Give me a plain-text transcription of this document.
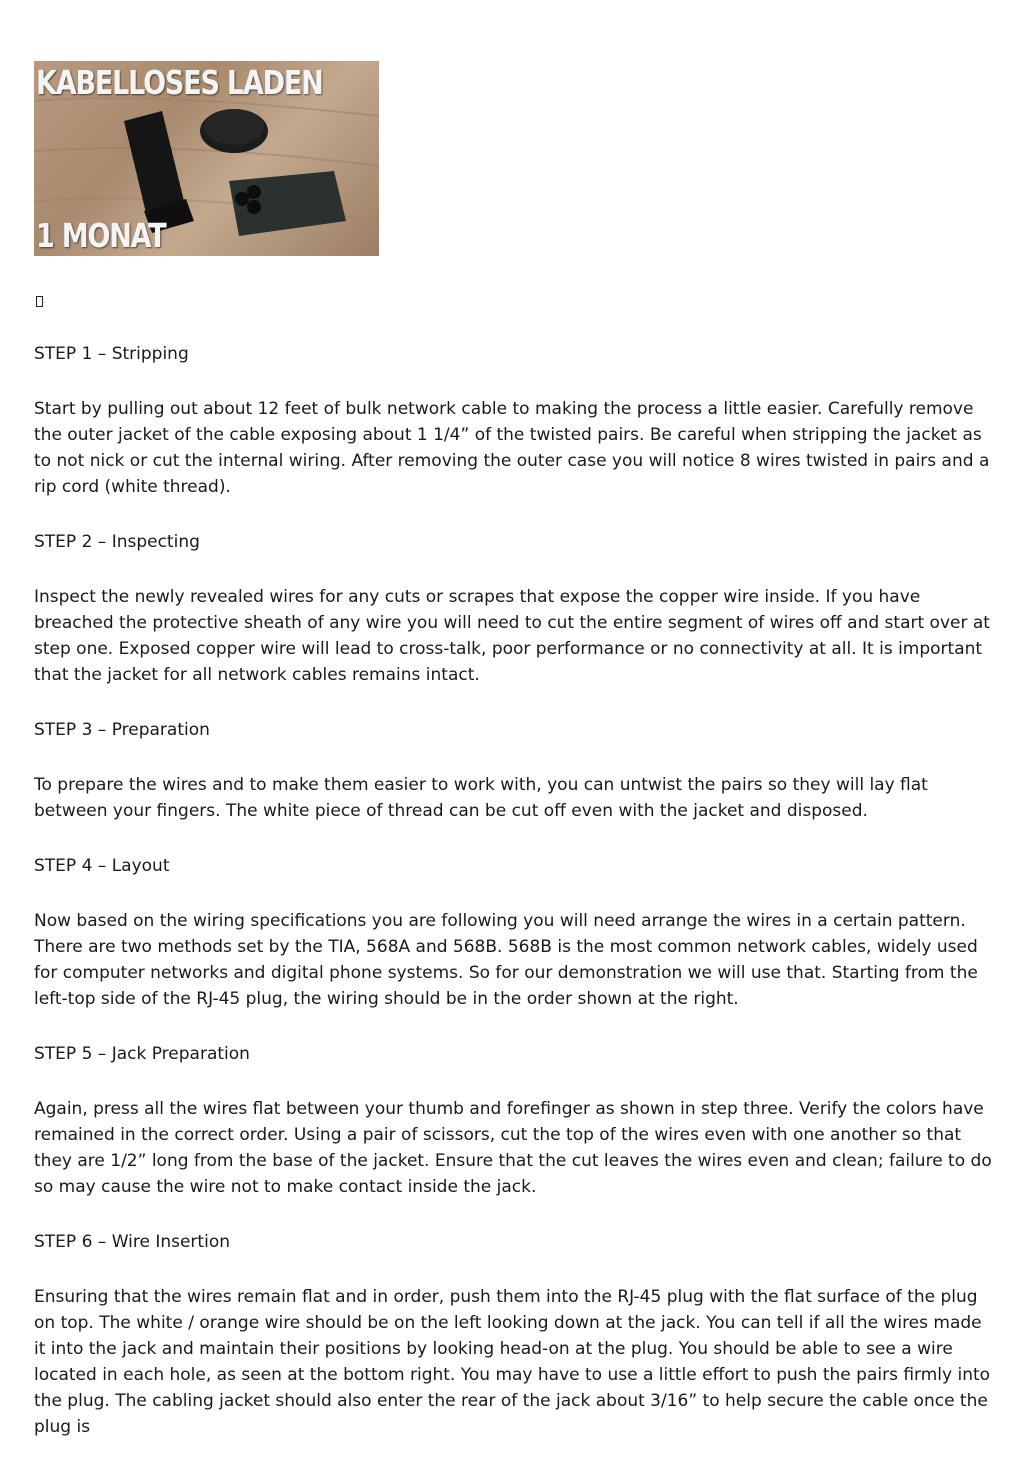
KABELLOSES LADEN
1 MONAT

STEP 1 – Stripping

Start by pulling out about 12 feet of bulk network cable to making the process a little easier. Carefully remove the outer jacket of the cable exposing about 1 1/4” of the twisted pairs. Be careful when stripping the jacket as to not nick or cut the internal wiring. After removing the outer case you will notice 8 wires twisted in pairs and a rip cord (white thread).

STEP 2 – Inspecting

Inspect the newly revealed wires for any cuts or scrapes that expose the copper wire inside. If you have breached the protective sheath of any wire you will need to cut the entire segment of wires off and start over at step one. Exposed copper wire will lead to cross-talk, poor performance or no connectivity at all. It is important that the jacket for all network cables remains intact.

STEP 3 – Preparation

To prepare the wires and to make them easier to work with, you can untwist the pairs so they will lay flat between your fingers. The white piece of thread can be cut off even with the jacket and disposed.

STEP 4 – Layout

Now based on the wiring specifications you are following you will need arrange the wires in a certain pattern. There are two methods set by the TIA, 568A and 568B. 568B is the most common network cables, widely used for computer networks and digital phone systems. So for our demonstration we will use that. Starting from the left-top side of the RJ-45 plug, the wiring should be in the order shown at the right.

STEP 5 – Jack Preparation

Again, press all the wires flat between your thumb and forefinger as shown in step three. Verify the colors have remained in the correct order. Using a pair of scissors, cut the top of the wires even with one another so that they are 1/2” long from the base of the jacket. Ensure that the cut leaves the wires even and clean; failure to do so may cause the wire not to make contact inside the jack.

STEP 6 – Wire Insertion

Ensuring that the wires remain flat and in order, push them into the RJ-45 plug with the flat surface of the plug on top. The white / orange wire should be on the left looking down at the jack. You can tell if all the wires made it into the jack and maintain their positions by looking head-on at the plug. You should be able to see a wire located in each hole, as seen at the bottom right. You may have to use a little effort to push the pairs firmly into the plug. The cabling jacket should also enter the rear of the jack about 3/16” to help secure the cable once the plug is
